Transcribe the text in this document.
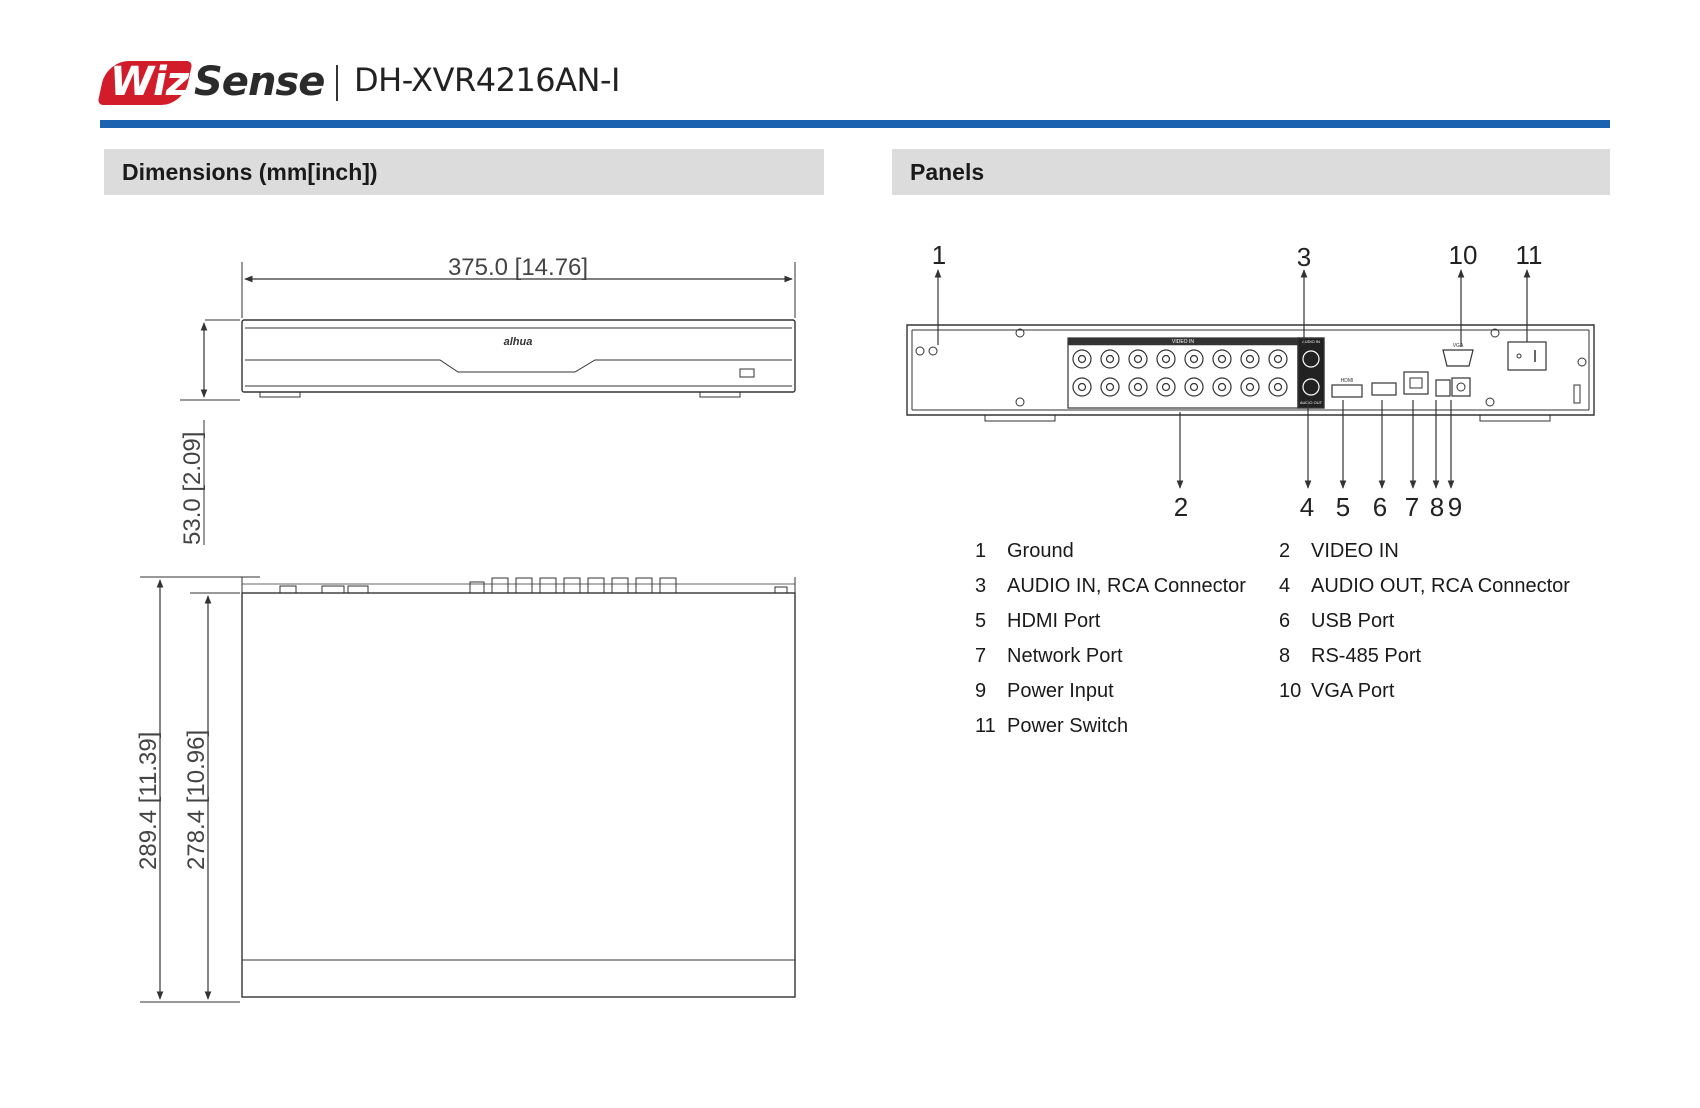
Wiz Sense DH-XVR4216AN-I
Dimensions (mm[inch])	Panels
375.0 [14.76]
alhua
53.0 [2.09]
289.4 [11.39] 278.4 [10.96]
VIDEO IN	AUDIO IN
AUDIO OUT
HDMI
VGA
1	3	10 11
2	4 5 6 7 8 9
1 Ground	2 VIDEO IN
3 AUDIO IN, RCA Connector 4 AUDIO OUT, RCA Connector
5 HDMI Port	6 USB Port
7 Network Port	8 RS-485 Port
9 Power Input	10 VGA Port
11 Power Switch
